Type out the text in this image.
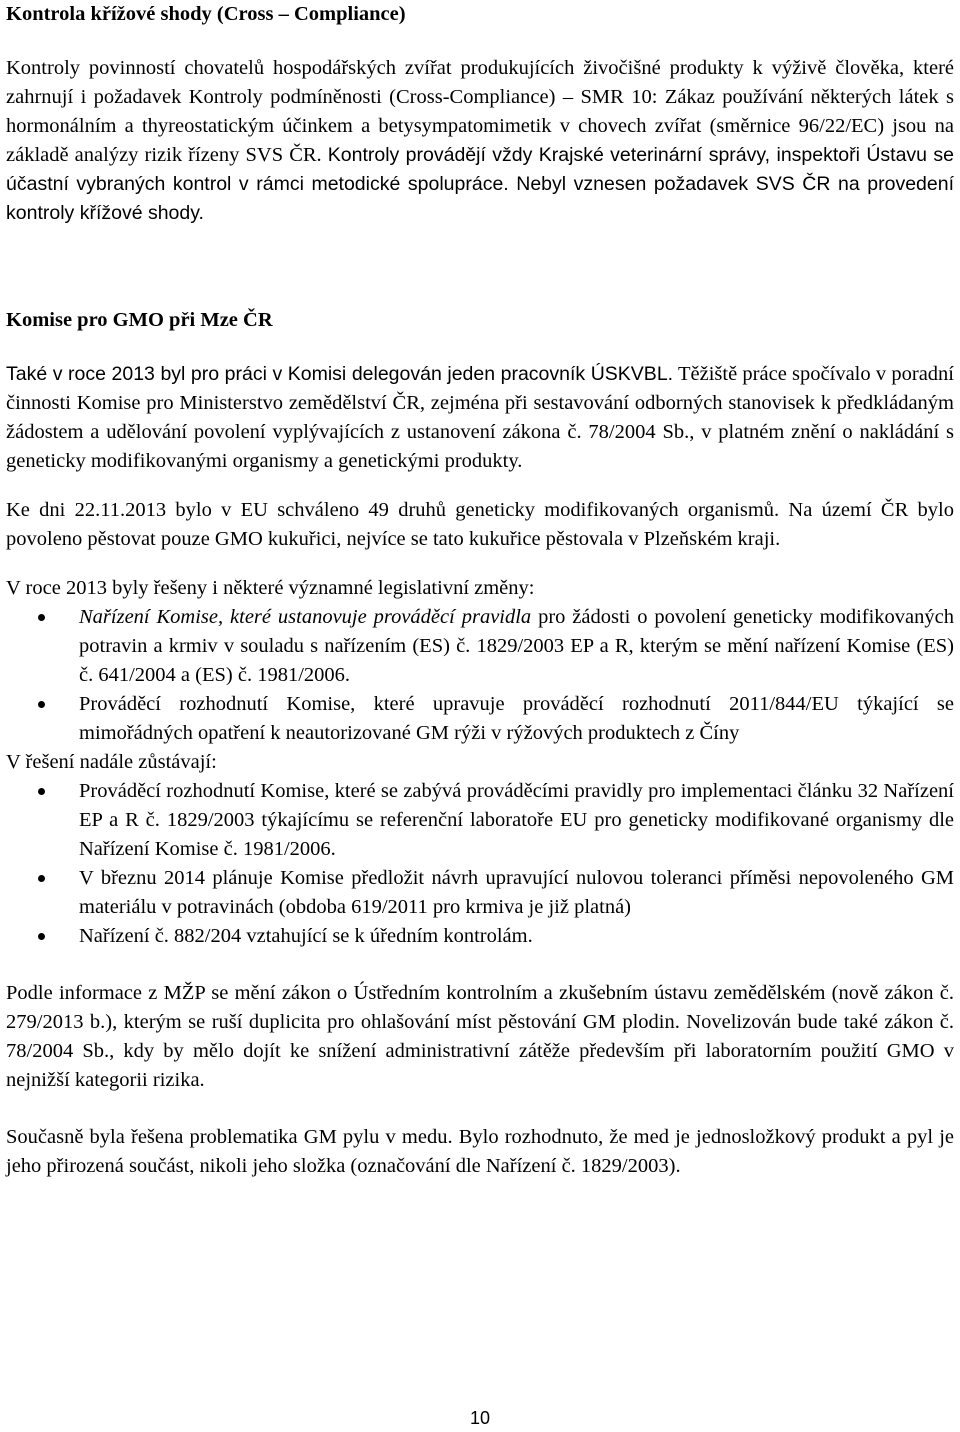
Kontrola křížové shody (Cross – Compliance)

Kontroly povinností chovatelů hospodářských zvířat produkujících živočišné produkty k výživě člověka, které zahrnují i požadavek Kontroly podmíněnosti (Cross-Compliance) – SMR 10: Zákaz používání některých látek s hormonálním a thyreostatickým účinkem a betysympatomimetik v chovech zvířat (směrnice 96/22/EC) jsou na základě analýzy rizik řízeny SVS ČR. Kontroly provádějí vždy Krajské veterinární správy, inspektoři Ústavu se účastní vybraných kontrol v rámci metodické spolupráce. Nebyl vznesen požadavek SVS ČR na provedení kontroly křížové shody.

Komise pro GMO při Mze ČR

Také v roce 2013 byl pro práci v Komisi delegován jeden pracovník ÚSKVBL. Těžiště práce spočívalo v poradní činnosti Komise pro Ministerstvo zemědělství ČR, zejména při sestavování odborných stanovisek k předkládaným žádostem a udělování povolení vyplývajících z ustanovení zákona č. 78/2004 Sb., v platném znění o nakládání s geneticky modifikovanými organismy a genetickými produkty.

Ke dni 22.11.2013 bylo v EU schváleno 49 druhů geneticky modifikovaných organismů. Na území ČR bylo povoleno pěstovat pouze GMO kukuřici, nejvíce se tato kukuřice pěstovala v Plzeňském kraji.

V roce 2013 byly řešeny i některé významné legislativní změny:

Nařízení Komise, které ustanovuje prováděcí pravidla pro žádosti o povolení geneticky modifikovaných potravin a krmiv v souladu s nařízením (ES) č. 1829/2003 EP a R, kterým se mění nařízení Komise (ES) č. 641/2004 a (ES) č. 1981/2006.
Prováděcí rozhodnutí Komise, které upravuje prováděcí rozhodnutí 2011/844/EU týkající se mimořádných opatření k neautorizované GM rýži v rýžových produktech z Číny

V řešení nadále zůstávají:

Prováděcí rozhodnutí Komise, které se zabývá prováděcími pravidly pro implementaci článku 32 Nařízení EP a R č. 1829/2003 týkajícímu se referenční laboratoře EU pro geneticky modifikované organismy dle Nařízení Komise č. 1981/2006.
V březnu 2014 plánuje Komise předložit návrh upravující nulovou toleranci příměsi nepovoleného GM materiálu v potravinách (obdoba 619/2011 pro krmiva je již platná)
Nařízení č. 882/204 vztahující se k úředním kontrolám.

Podle informace z MŽP se mění zákon o Ústředním kontrolním a zkušebním ústavu zemědělském (nově zákon č. 279/2013 b.), kterým se ruší duplicita pro ohlašování míst pěstování GM plodin. Novelizován bude také zákon č. 78/2004 Sb., kdy by mělo dojít ke snížení administrativní zátěže především při laboratorním použití GMO v nejnižší kategorii rizika.

Současně byla řešena problematika GM pylu v medu. Bylo rozhodnuto, že med je jednosložkový produkt a pyl je jeho přirozená součást, nikoli jeho složka (označování dle Nařízení č. 1829/2003).

10
